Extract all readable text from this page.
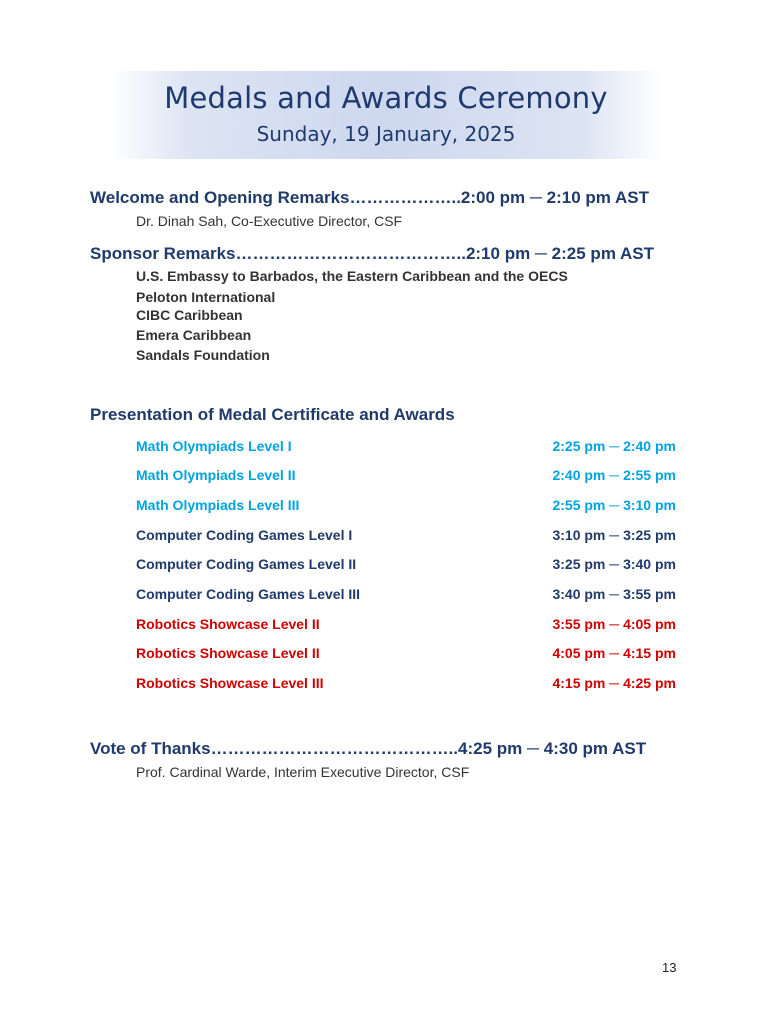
Medals and Awards Ceremony
Sunday, 19 January, 2025
Welcome and Opening Remarks………………..2:00 pm ─ 2:10 pm AST
Dr. Dinah Sah, Co-Executive Director, CSF
Sponsor Remarks…………………………………..2:10 pm ─ 2:25 pm AST
U.S. Embassy to Barbados, the Eastern Caribbean and the OECS
Peloton International
CIBC Caribbean
Emera Caribbean
Sandals Foundation
Presentation of Medal Certificate and Awards
Math Olympiads Level I	2:25 pm ─ 2:40 pm
Math Olympiads Level II	2:40 pm ─ 2:55 pm
Math Olympiads Level III	2:55 pm ─ 3:10 pm
Computer Coding Games Level I	3:10 pm ─ 3:25 pm
Computer Coding Games Level II	3:25 pm ─ 3:40 pm
Computer Coding Games Level III	3:40 pm ─ 3:55 pm
Robotics Showcase Level II	3:55 pm ─ 4:05 pm
Robotics Showcase Level II	4:05 pm ─ 4:15 pm
Robotics Showcase Level III	4:15 pm ─ 4:25 pm
Vote of Thanks……………………………………..4:25 pm ─ 4:30 pm AST
Prof. Cardinal Warde, Interim Executive Director, CSF
13
